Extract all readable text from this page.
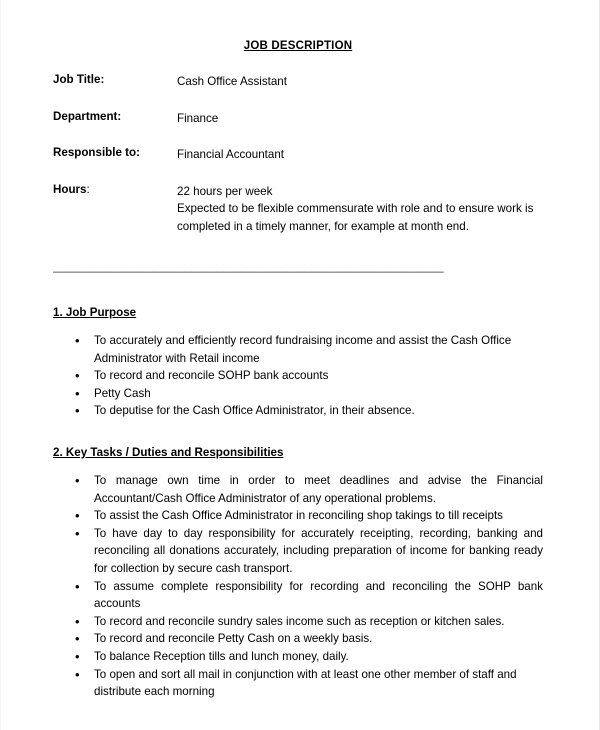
JOB DESCRIPTION
Job Title:	Cash Office Assistant

Department:	Finance

Responsible to:	Financial Accountant

Hours:	22 hours per week
Expected to be flexible commensurate with role and to ensure work is completed in a timely manner, for example at month end.
______________________________________________________________
1. Job Purpose
• To accurately and efficiently record fundraising income and assist the Cash Office Administrator with Retail income
• To record and reconcile SOHP bank accounts
• Petty Cash
• To deputise for the Cash Office Administrator, in their absence.
2. Key Tasks / Duties and Responsibilities
• To manage own time in order to meet deadlines and advise the Financial Accountant/Cash Office Administrator of any operational problems.
• To assist the Cash Office Administrator in reconciling shop takings to till receipts
• To have day to day responsibility for accurately receipting, recording, banking and reconciling all donations accurately, including preparation of income for banking ready for collection by secure cash transport.
• To assume complete responsibility for recording and reconciling the SOHP bank accounts
• To record and reconcile sundry sales income such as reception or kitchen sales.
• To record and reconcile Petty Cash on a weekly basis.
• To balance Reception tills and lunch money, daily.
• To open and sort all mail in conjunction with at least one other member of staff and distribute each morning
